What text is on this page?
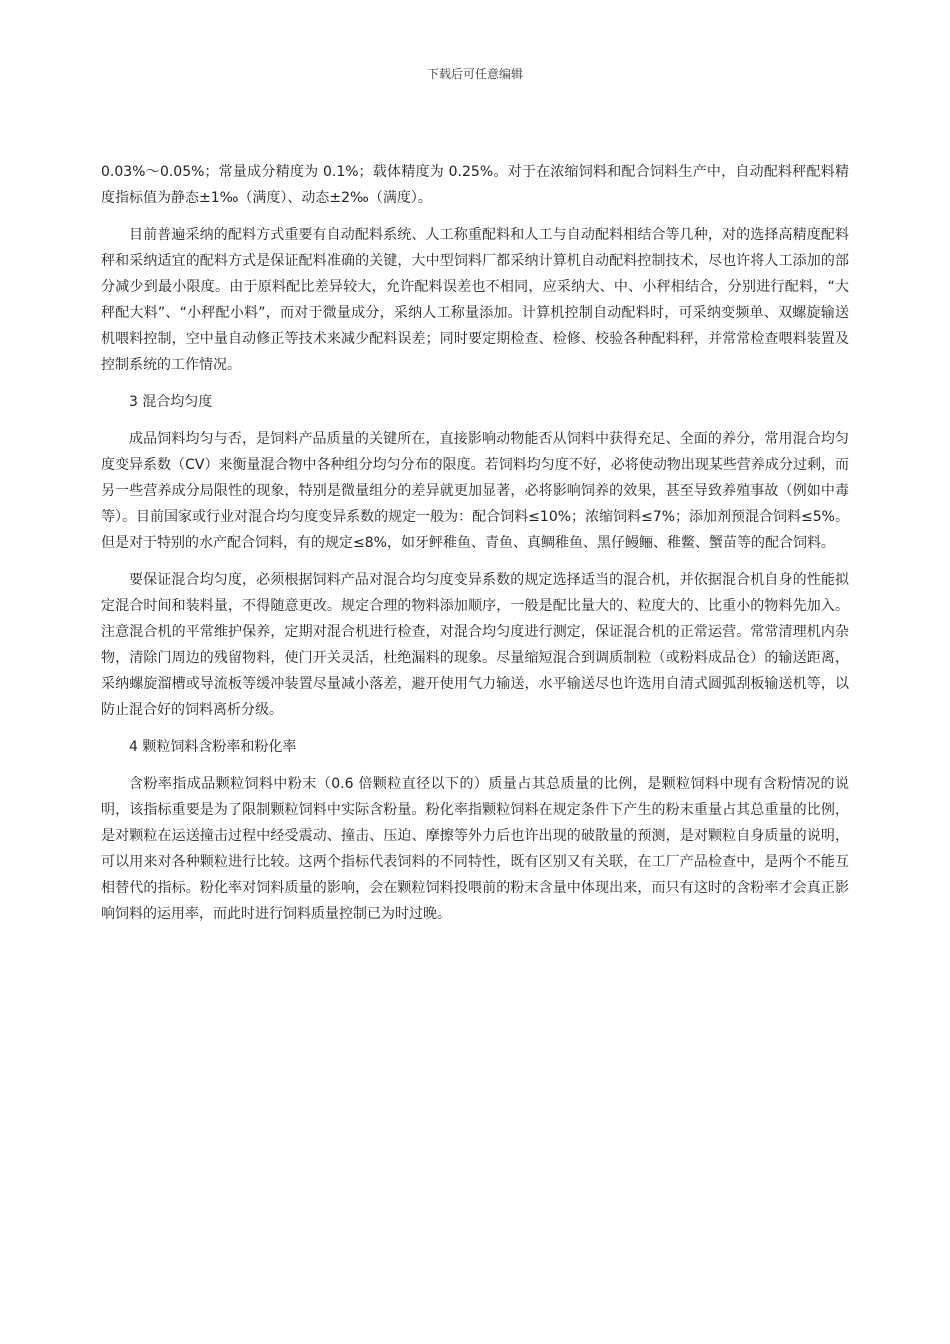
下载后可任意编辑

0.03%～0.05%；常量成分精度为 0.1%；载体精度为 0.25%。对于在浓缩饲料和配合饲料生产中，自动配料秤配料精度指标值为静态±1‰（满度）、动态±2‰（满度）。

目前普遍采纳的配料方式重要有自动配料系统、人工称重配料和人工与自动配料相结合等几种，对的选择高精度配料秤和采纳适宜的配料方式是保证配料准确的关键，大中型饲料厂都采纳计算机自动配料控制技术，尽也许将人工添加的部分减少到最小限度。由于原料配比差异较大，允许配料误差也不相同，应采纳大、中、小秤相结合，分别进行配料，“大秤配大料”、“小秤配小料”，而对于微量成分，采纳人工称量添加。计算机控制自动配料时，可采纳变频单、双螺旋输送机喂料控制，空中量自动修正等技术来减少配料误差；同时要定期检查、检修、校验各种配料秤，并常常检查喂料装置及控制系统的工作情况。

3 混合均匀度

成品饲料均匀与否，是饲料产品质量的关键所在，直接影响动物能否从饲料中获得充足、全面的养分，常用混合均匀度变异系数（CV）来衡量混合物中各种组分均匀分布的限度。若饲料均匀度不好，必将使动物出现某些营养成分过剩，而另一些营养成分局限性的现象，特别是微量组分的差异就更加显著，必将影响饲养的效果，甚至导致养殖事故（例如中毒等）。目前国家或行业对混合均匀度变异系数的规定一般为：配合饲料≤10%；浓缩饲料≤7%；添加剂预混合饲料≤5%。但是对于特别的水产配合饲料，有的规定≤8%，如牙鲆稚鱼、青鱼、真鲷稚鱼、黑仔鳗鲡、稚鳖、蟹苗等的配合饲料。

要保证混合均匀度，必须根据饲料产品对混合均匀度变异系数的规定选择适当的混合机，并依据混合机自身的性能拟定混合时间和装料量，不得随意更改。规定合理的物料添加顺序，一般是配比量大的、粒度大的、比重小的物料先加入。注意混合机的平常维护保养，定期对混合机进行检查，对混合均匀度进行测定，保证混合机的正常运营。常常清理机内杂物，清除门周边的残留物料，使门开关灵活，杜绝漏料的现象。尽量缩短混合到调质制粒（或粉料成品仓）的输送距离，采纳螺旋溜槽或导流板等缓冲装置尽量减小落差，避开使用气力输送，水平输送尽也许选用自清式圆弧刮板输送机等，以防止混合好的饲料离析分级。

4 颗粒饲料含粉率和粉化率

含粉率指成品颗粒饲料中粉末（0.6 倍颗粒直径以下的）质量占其总质量的比例，是颗粒饲料中现有含粉情况的说明，该指标重要是为了限制颗粒饲料中实际含粉量。粉化率指颗粒饲料在规定条件下产生的粉末重量占其总重量的比例，是对颗粒在运送撞击过程中经受震动、撞击、压迫、摩擦等外力后也许出现的破散量的预测，是对颗粒自身质量的说明，可以用来对各种颗粒进行比较。这两个指标代表饲料的不同特性，既有区别又有关联，在工厂产品检查中，是两个不能互相替代的指标。粉化率对饲料质量的影响，会在颗粒饲料投喂前的粉末含量中体现出来，而只有这时的含粉率才会真正影响饲料的运用率，而此时进行饲料质量控制已为时过晚。
